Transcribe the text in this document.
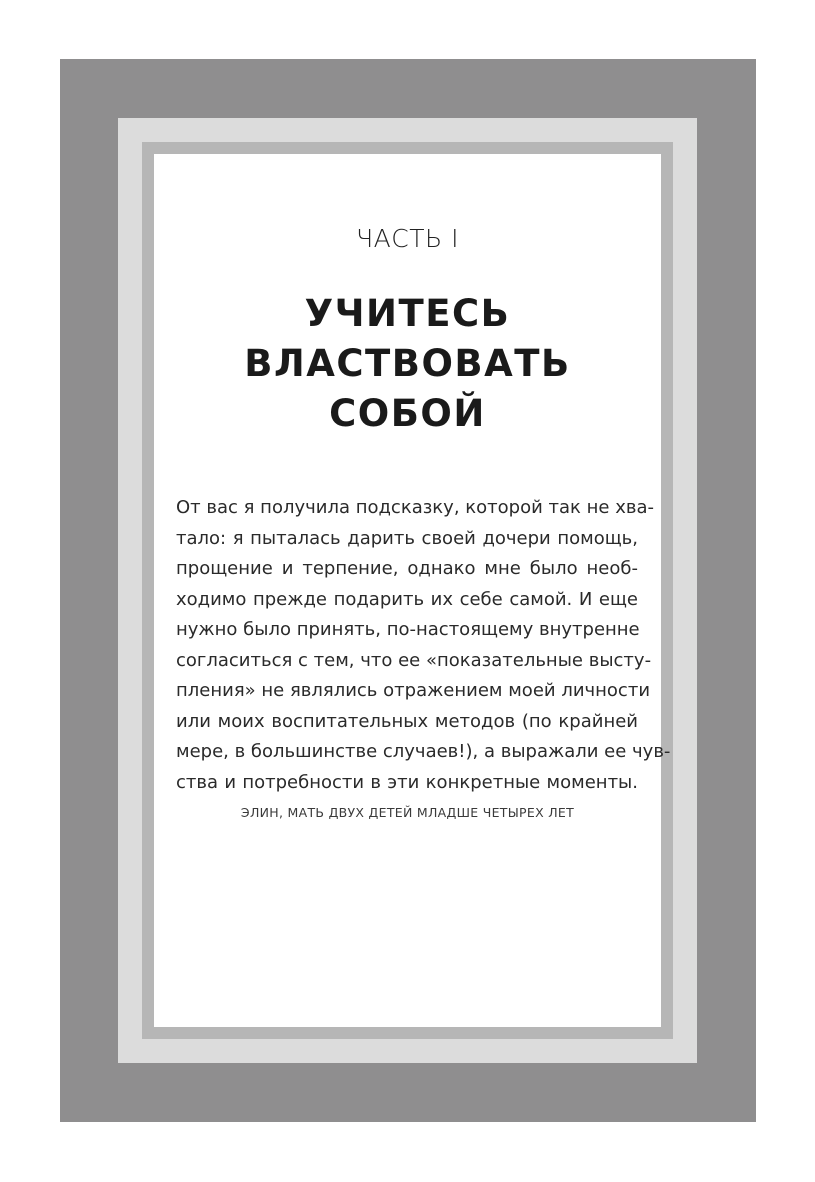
ЧАСТЬ I
УЧИТЕСЬ
ВЛАСТВОВАТЬ
СОБОЙ
От вас я получила подсказку, которой так не хва-
тало: я пыталась дарить своей дочери помощь,
прощение и терпение, однако мне было необ-
ходимо прежде подарить их себе самой. И еще
нужно было принять, по-настоящему внутренне
согласиться с тем, что ее «показательные высту-
пления» не являлись отражением моей личности
или моих воспитательных методов (по крайней
мере, в большинстве случаев!), а выражали ее чув-
ства и потребности в эти конкретные моменты.
ЭЛИН, МАТЬ ДВУХ ДЕТЕЙ МЛАДШЕ ЧЕТЫРЕХ ЛЕТ
